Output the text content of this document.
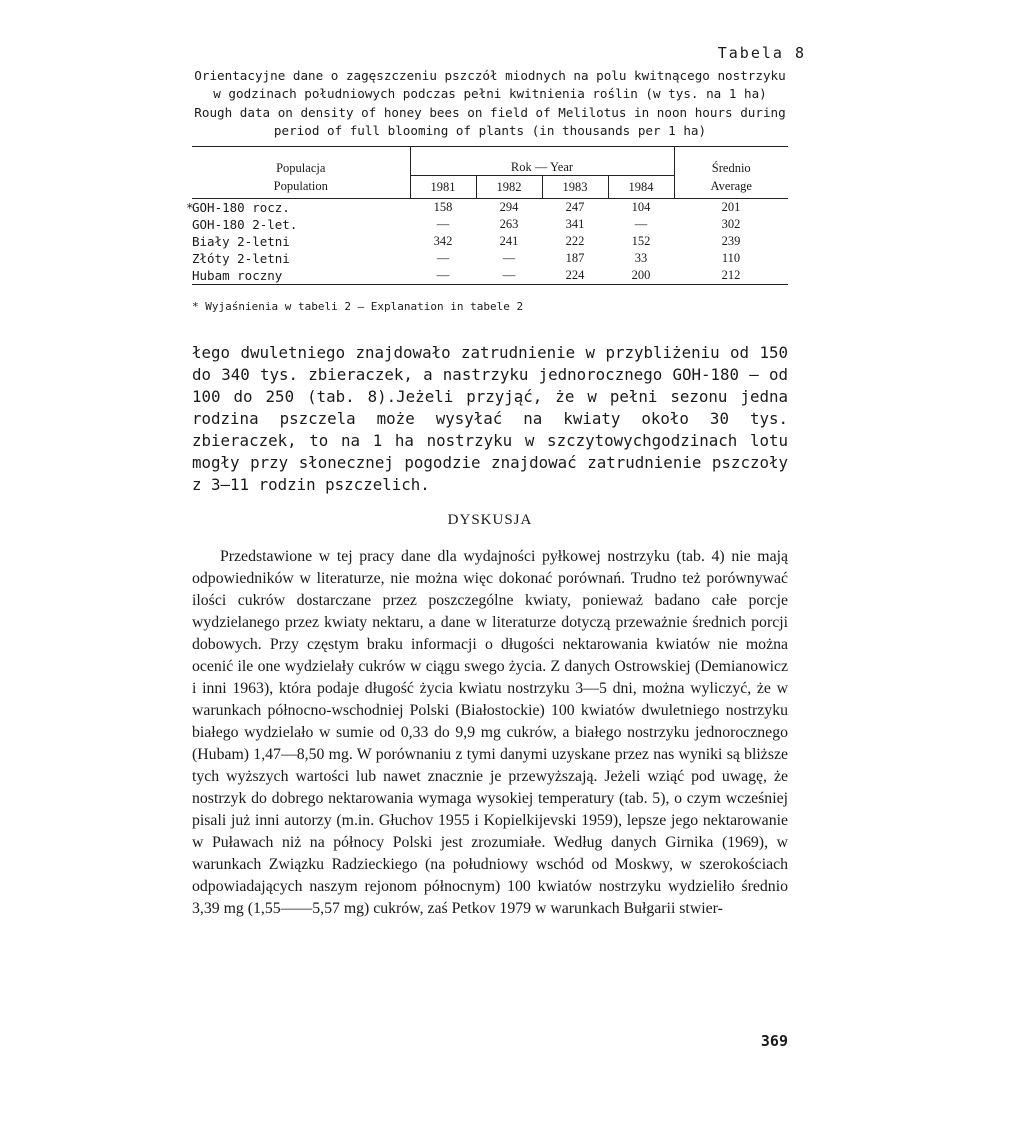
Tabela 8
Orientacyjne dane o zagęszczeniu pszczół miodnych na polu kwitnącego nostrzyku w godzinach południowych podczas pełni kwitnienia roślin (w tys. na 1 ha)
Rough data on density of honey bees on field of Melilotus in noon hours during period of full blooming of plants (in thousands per 1 ha)
Populacja	Rok — Year				Średnio
Population	1981	1982	1983	1984	Average

*
GOH-180 rocz.	158	294	247	104	201
GOH-180 2-let.	—	263	341	—	302
Biały 2-letni	342	241	222	152	239
Złóty 2-letni	—	—	187	33	110
Hubam roczny	—	—	224	200	212
* Wyjaśnienia w tabeli 2 — Explanation in tabele 2
łego dwuletniego znajdowało zatrudnienie w przybliżeniu od 150 do 340 tys. zbieraczek, a nastrzyku jednorocznego GOH-180 — od 100 do 250 (tab. 8).Jeżeli przyjąć, że w pełni sezonu jedna rodzina pszczela może wysyłać na kwiaty około 30 tys. zbieraczek, to na 1 ha nostrzyku w szczytowychgodzinach lotu mogły przy słonecznej pogodzie znajdować zatrudnienie pszczoły z 3—11 rodzin pszczelich.
DYSKUSJA
Przedstawione w tej pracy dane dla wydajności pyłkowej nostrzyku (tab. 4) nie mają odpowiedników w literaturze, nie można więc dokonać porównań. Trudno też porównywać ilości cukrów dostarczane przez poszczególne kwiaty, ponieważ badano całe porcje wydzielanego przez kwiaty nektaru, a dane w literaturze dotyczą przeważnie średnich porcji dobowych. Przy częstym braku informacji o długości nektarowania kwiatów nie można ocenić ile one wydzielały cukrów w ciągu swego życia. Z danych Ostrowskiej (Demianowicz i inni 1963), która podaje długość życia kwiatu nostrzyku 3—5 dni, można wyliczyć, że w warunkach północno-wschodniej Polski (Białostockie) 100 kwiatów dwuletniego nostrzyku białego wydzielało w sumie od 0,33 do 9,9 mg cukrów, a białego nostrzyku jednorocznego (Hubam) 1,47—8,50 mg. W porównaniu z tymi danymi uzyskane przez nas wyniki są bliższe tych wyższych wartości lub nawet znacznie je przewyższają. Jeżeli wziąć pod uwagę, że nostrzyk do dobrego nektarowania wymaga wysokiej temperatury (tab. 5), o czym wcześniej pisali już inni autorzy (m.in. Głuchov 1955 i Kopielkijevski 1959), lepsze jego nektarowanie w Puławach niż na północy Polski jest zrozumiałe. Według danych Girnika (1969), w warunkach Związku Radzieckiego (na południowy wschód od Moskwy, w szerokościach odpowiadających naszym rejonom północnym) 100 kwiatów nostrzyku wydzieliło średnio 3,39 mg (1,55——5,57 mg) cukrów, zaś Petkov 1979 w warunkach Bułgarii stwier-
369
